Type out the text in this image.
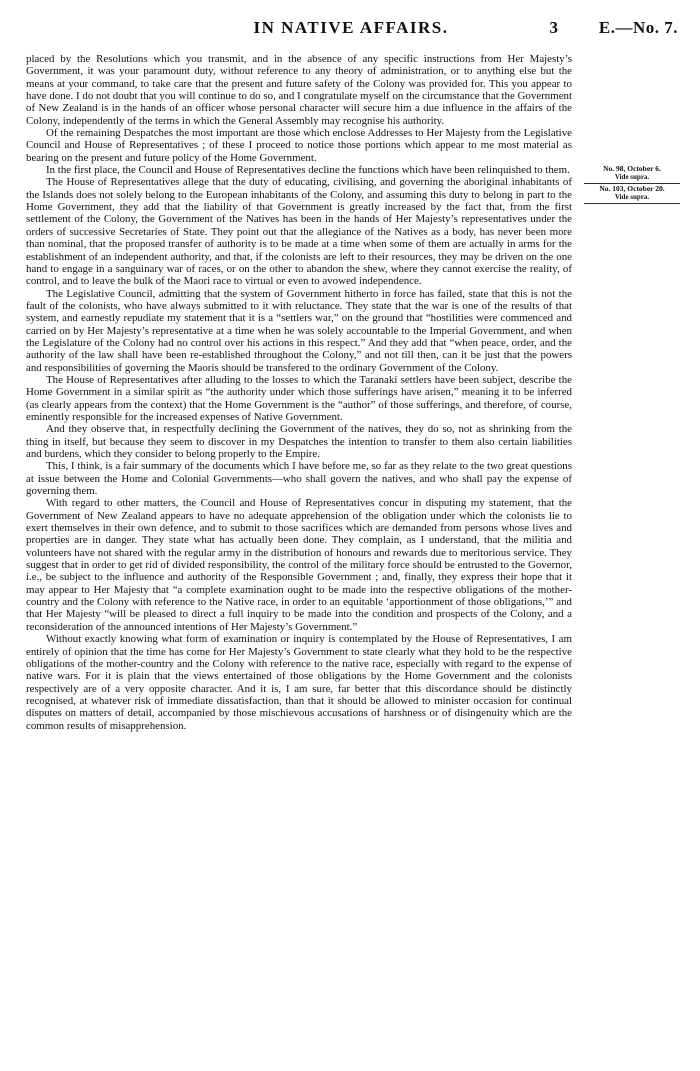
IN NATIVE AFFAIRS.	3 E.—No. 7.

placed by the Resolutions which you transmit, and in the absence of any specific instructions from Her Majesty’s Government, it was your paramount duty, without reference to any theory of administration, or to anything else but the means at your command, to take care that the present and future safety of the Colony was provided for. This you appear to have done. I do not doubt that you will continue to do so, and I congratulate myself on the circumstance that the Government of New Zealand is in the hands of an officer whose personal character will secure him a due influence in the affairs of the Colony, independently of the terms in which the General Assembly may recognise his authority.

Of the remaining Despatches the most important are those which enclose Addresses to Her Majesty from the Legislative Council and House of Representatives ; of these I proceed to notice those portions which appear to me most material as bearing on the present and future policy of the Home Government.

In the first place, the Council and House of Representatives decline the functions which have been relinquished to them.

The House of Representatives allege that the duty of educating, civilising, and governing the aboriginal inhabitants of the Islands does not solely belong to the European inhabitants of the Colony, and assuming this duty to belong in part to the Home Government, they add that the liability of that Government is greatly increased by the fact that, from the first settlement of the Colony, the Government of the Natives has been in the hands of Her Majesty’s representatives under the orders of successive Secretaries of State. They point out that the allegiance of the Natives as a body, has never been more than nominal, that the proposed transfer of authority is to be made at a time when some of them are actually in arms for the establishment of an independent authority, and that, if the colonists are left to their resources, they may be driven on the one hand to engage in a sanguinary war of races, or on the other to abandon the shew, where they cannot exercise the reality, of control, and to leave the bulk of the Maori race to virtual or even to avowed independence.

The Legislative Council, admitting that the system of Government hitherto in force has failed, state that this is not the fault of the colonists, who have always submitted to it with reluctance. They state that the war is one of the results of that system, and earnestly repudiate my statement that it is a “settlers war,” on the ground that “hostilities were commenced and carried on by Her Majesty’s representative at a time when he was solely accountable to the Imperial Government, and when the Legislature of the Colony had no control over his actions in this respect.” And they add that “when peace, order, and the authority of the law shall have been re-established throughout the Colony,” and not till then, can it be just that the powers and responsibilities of governing the Maoris should be transfered to the ordinary Government of the Colony.

The House of Representatives after alluding to the losses to which the Taranaki settlers have been subject, describe the Home Government in a similar spirit as “the authority under which those sufferings have arisen,” meaning it to be inferred (as clearly appears from the context) that the Home Government is the “author” of those sufferings, and therefore, of course, eminently responsible for the increased expenses of Native Government.

And they observe that, in respectfully declining the Government of the natives, they do so, not as shrinking from the thing in itself, but because they seem to discover in my Despatches the intention to transfer to them also certain liabilities and burdens, which they consider to belong properly to the Empire.

This, I think, is a fair summary of the documents which I have before me, so far as they relate to the two great questions at issue between the Home and Colonial Governments—who shall govern the natives, and who shall pay the expense of governing them.

With regard to other matters, the Council and House of Representatives concur in disputing my statement, that the Government of New Zealand appears to have no adequate apprehension of the obligation under which the colonists lie to exert themselves in their own defence, and to submit to those sacrifices which are demanded from persons whose lives and properties are in danger. They state what has actually been done. They complain, as I understand, that the militia and volunteers have not shared with the regular army in the distribution of honours and rewards due to meritorious service. They suggest that in order to get rid of divided responsibility, the control of the military force should be entrusted to the Governor, i.e., be subject to the influence and authority of the Responsible Government ; and, finally, they express their hope that it may appear to Her Majesty that “a complete examination ought to be made into the respective obligations of the mother-country and the Colony with reference to the Native race, in order to an equitable ‘apportionment of those obligations,’” and that Her Majesty “will be pleased to direct a full inquiry to be made into the condition and prospects of the Colony, and a reconsideration of the announced intentions of Her Majesty’s Government.”

Without exactly knowing what form of examination or inquiry is contemplated by the House of Representatives, I am entirely of opinion that the time has come for Her Majesty’s Government to state clearly what they hold to be the respective obligations of the mother-country and the Colony with reference to the native race, especially with regard to the expense of native wars. For it is plain that the views entertained of those obligations by the Home Government and the colonists respectively are of a very opposite character. And it is, I am sure, far better that this discordance should be distinctly recognised, at whatever risk of immediate dissatisfaction, than that it should be allowed to minister occasion for continual disputes on matters of detail, accompanied by those mischievous accusations of harshness or of disingenuity which are the common results of misapprehension.

No. 98, October 6.
Vide supra.
No. 103, October 20.
Vide supra.
